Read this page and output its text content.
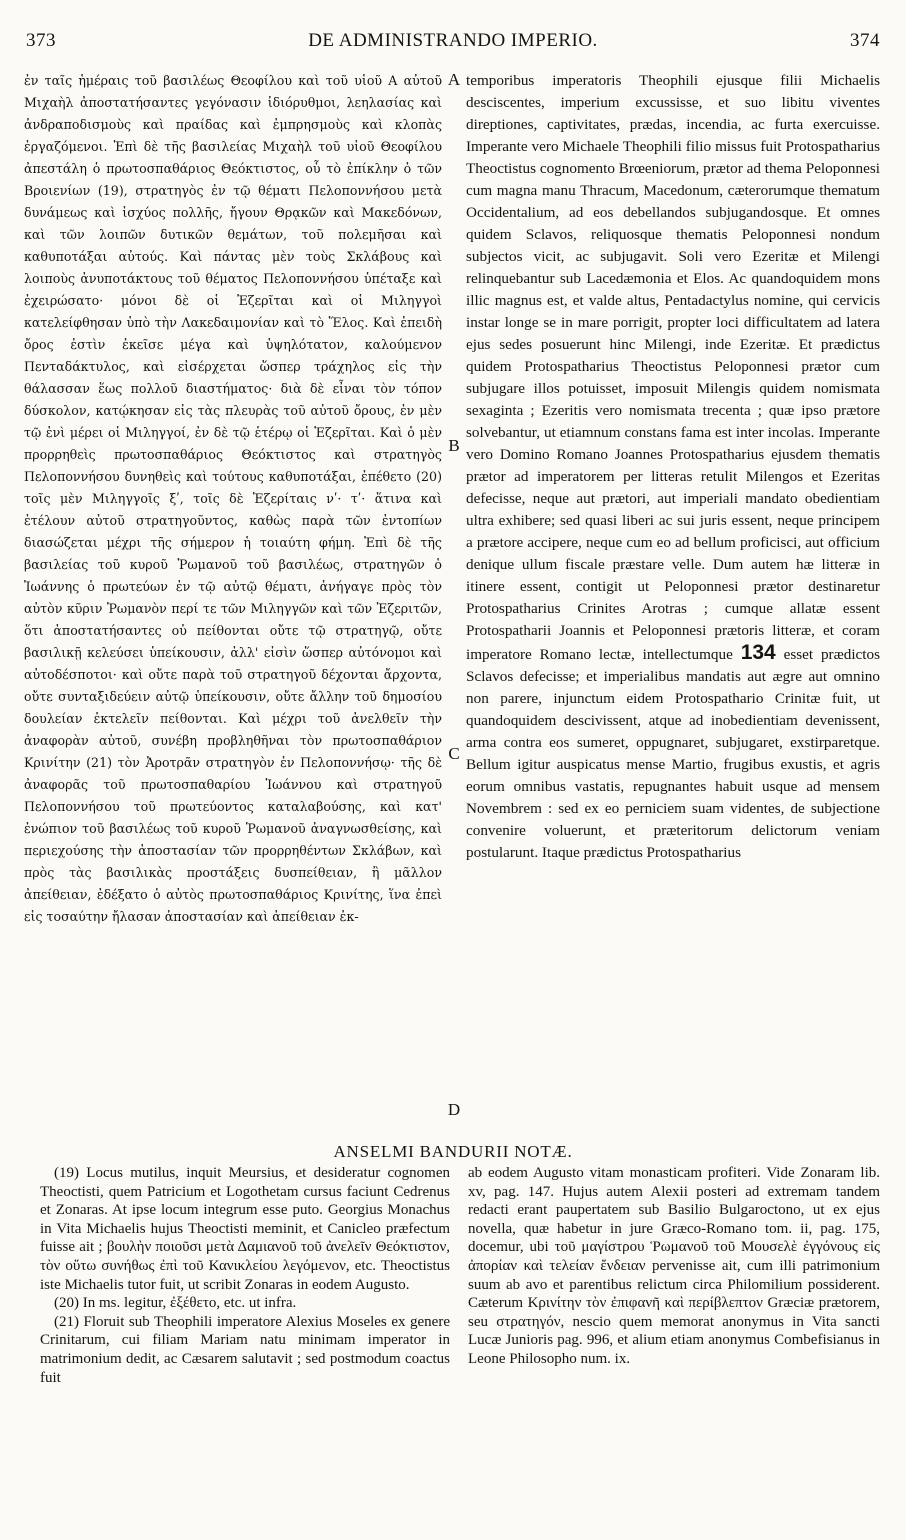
373	DE ADMINISTRANDO IMPERIO.	374

ἐν ταῖς ἡμέραις τοῦ βασιλέως Θεοφίλου καὶ τοῦ υἱοῦ Α αὐτοῦ Μιχαὴλ ἀποστατήσαντες γεγόνασιν ἰδιόρυθμοι, λεηλασίας καὶ ἀνδραποδισμοὺς καὶ πραίδας καὶ ἐμπρησμοὺς καὶ κλοπὰς ἐργαζόμενοι. Ἐπὶ δὲ τῆς βασιλείας Μιχαὴλ τοῦ υἱοῦ Θεοφίλου ἀπεστάλη ὁ πρωτοσπαθάριος Θεόκτιστος, οὗ τὸ ἐπίκλην ὁ τῶν Βροιενίων (19), στρατηγὸς ἐν τῷ θέματι Πελοποννήσου μετὰ δυνάμεως καὶ ἰσχύος πολλῆς, ἤγουν Θρᾳκῶν καὶ Μακεδόνων, καὶ τῶν λοιπῶν δυτικῶν θεμάτων, τοῦ πολεμῆσαι καὶ καθυποτάξαι αὐτούς. Καὶ πάντας μὲν τοὺς Σκλάβους καὶ λοιποὺς ἀνυποτάκτους τοῦ θέματος Πελοποννήσου ὑπέταξε καὶ ἐχειρώσατο· μόνοι δὲ οἱ Ἐζερῖται καὶ οἱ Μιληγγοὶ κατελείφθησαν ὑπὸ τὴν Λακεδαιμονίαν καὶ τὸ Ἕλος. Καὶ ἐπειδὴ ὄρος ἐστὶν ἐκεῖσε μέγα καὶ ὑψηλότατον, καλούμενον Πενταδάκτυλος, καὶ εἰσέρχεται ὥσπερ τράχηλος εἰς τὴν θάλασσαν ἕως πολλοῦ διαστήματος· διὰ δὲ εἶναι τὸν τόπον δύσκολον, κατῴκησαν εἰς τὰς πλευρὰς τοῦ αὐτοῦ ὄρους, ἐν μὲν τῷ ἑνὶ μέρει οἱ Μιληγγοί, ἐν δὲ τῷ ἑτέρῳ οἱ Ἐζερῖται. Καὶ ὁ μὲν προρρηθεὶς πρωτοσπαθάριος Θεόκτιστος καὶ στρατηγὸς Πελοποννήσου δυνηθεὶς καὶ τούτους καθυποτάξαι, ἐπέθετο (20) τοῖς μὲν Μιληγγοῖς ξʹ, τοῖς δὲ Ἐζερίταις νʹ· τʹ· ἅτινα καὶ ἐτέλουν αὐτοῦ στρατηγοῦντος, καθὼς παρὰ τῶν ἐντοπίων διασώζεται μέχρι τῆς σήμερον ἡ τοιαύτη φήμη. Ἐπὶ δὲ τῆς βασιλείας τοῦ κυροῦ Ῥωμανοῦ τοῦ βασιλέως, στρατηγῶν ὁ Ἰωάννης ὁ πρωτεύων ἐν τῷ αὐτῷ θέματι, ἀνήγαγε πρὸς τὸν αὐτὸν κῦριν Ῥωμανὸν περί τε τῶν Μιληγγῶν καὶ τῶν Ἐζεριτῶν, ὅτι ἀποστατήσαντες οὐ πείθονται οὔτε τῷ στρατηγῷ, οὔτε βασιλικῇ κελεύσει ὑπείκουσιν, ἀλλ' εἰσὶν ὥσπερ αὐτόνομοι καὶ αὐτοδέσποτοι· καὶ οὔτε παρὰ τοῦ στρατηγοῦ δέχονται ἄρχοντα, οὔτε συνταξιδεύειν αὐτῷ ὑπείκουσιν, οὔτε ἄλλην τοῦ δημοσίου δουλείαν ἐκτελεῖν πείθονται. Καὶ μέχρι τοῦ ἀνελθεῖν τὴν ἀναφορὰν αὐτοῦ, συνέβη προβληθῆναι τὸν πρωτοσπαθάριον Κρινίτην (21) τὸν Ἀροτρᾶν στρατηγὸν ἐν Πελοποννήσῳ· τῆς δὲ ἀναφορᾶς τοῦ πρωτοσπαθαρίου Ἰωάννου καὶ στρατηγοῦ Πελοποννήσου τοῦ πρωτεύοντος καταλαβούσης, καὶ κατ' ἐνώπιον τοῦ βασιλέως τοῦ κυροῦ Ῥωμανοῦ ἀναγνωσθείσης, καὶ περιεχούσης τὴν ἀποστασίαν τῶν προρρηθέντων Σκλάβων, καὶ πρὸς τὰς βασιλικὰς προστάξεις δυσπείθειαν, ἢ μᾶλλον ἀπείθειαν, ἐδέξατο ὁ αὐτὸς πρωτοσπαθάριος Κρινίτης, ἵνα ἐπεὶ εἰς τοσαύτην ἤλασαν ἀποστασίαν καὶ ἀπείθειαν ἐκ-

A
B
C
D

temporibus imperatoris Theophili ejusque filii Michaelis desciscentes, imperium excussisse, et suo libitu viventes direptiones, captivitates, prædas, incendia, ac furta exercuisse. Imperante vero Michaele Theophili filio missus fuit Protospatharius Theoctistus cognomento Brœeniorum, prætor ad thema Peloponnesi cum magna manu Thracum, Macedonum, cæterorumque thematum Occidentalium, ad eos debellandos subjugandosque. Et omnes quidem Sclavos, reliquosque thematis Peloponnesi nondum subjectos vicit, ac subjugavit. Soli vero Ezeritæ et Milengi relinquebantur sub Lacedæmonia et Elos. Ac quandoquidem mons illic magnus est, et valde altus, Pentadactylus nomine, qui cervicis instar longe se in mare porrigit, propter loci difficultatem ad latera ejus sedes posuerunt hinc Milengi, inde Ezeritæ. Et prædictus quidem Protospatharius Theoctistus Peloponnesi prætor cum subjugare illos potuisset, imposuit Milengis quidem nomismata sexaginta ; Ezeritis vero nomismata trecenta ; quæ ipso prætore solvebantur, ut etiamnum constans fama est inter incolas. Imperante vero Domino Romano Joannes Protospatharius ejusdem thematis prætor ad imperatorem per litteras retulit Milengos et Ezeritas defecisse, neque aut prætori, aut imperiali mandato obedientiam ultra exhibere; sed quasi liberi ac sui juris essent, neque principem a prætore accipere, neque cum eo ad bellum proficisci, aut officium denique ullum fiscale præstare velle. Dum autem hæ litteræ in itinere essent, contigit ut Peloponnesi prætor destinaretur Protospatharius Crinites Arotras ; cumque allatæ essent Protospatharii Joannis et Peloponnesi prætoris litteræ, et coram imperatore Romano lectæ, intellectumque 134 esset prædictos Sclavos defecisse; et imperialibus mandatis aut ægre aut omnino non parere, injunctum eidem Protospathario Crinitæ fuit, ut quandoquidem descivissent, atque ad inobedientiam devenissent, arma contra eos sumeret, oppugnaret, subjugaret, exstirparetque. Bellum igitur auspicatus mense Martio, frugibus exustis, et agris eorum omnibus vastatis, repugnantes habuit usque ad mensem Novembrem : sed ex eo perniciem suam videntes, de subjectione convenire voluerunt, et præteritorum delictorum veniam postularunt. Itaque prædictus Protospatharius

ANSELMI BANDURII NOTÆ.

(19) Locus mutilus, inquit Meursius, et desideratur cognomen Theoctisti, quem Patricium et Logothetam cursus faciunt Cedrenus et Zonaras. At ipse locum integrum esse puto. Georgius Monachus in Vita Michaelis hujus Theoctisti meminit, et Canicleo præfectum fuisse ait ; βουλὴν ποιοῦσι μετὰ Δαμιανοῦ τοῦ ἀνελεῖν Θεόκτιστον, τὸν οὕτω συνήθως ἐπὶ τοῦ Κανικλείου λεγόμενον, etc. Theoctistus iste Michaelis tutor fuit, ut scribit Zonaras in eodem Augusto.

(20) In ms. legitur, ἐξέθετο, etc. ut infra.

(21) Floruit sub Theophili imperatore Alexius Moseles ex genere Crinitarum, cui filiam Mariam natu minimam imperator in matrimonium dedit, ac Cæsarem salutavit ; sed postmodum coactus fuit

ab eodem Augusto vitam monasticam profiteri. Vide Zonaram lib. xv, pag. 147. Hujus autem Alexii posteri ad extremam tandem redacti erant paupertatem sub Basilio Bulgaroctono, ut ex ejus novella, quæ habetur in jure Græco-Romano tom. ii, pag. 175, docemur, ubi τοῦ μαγίστρου Ῥωμανοῦ τοῦ Μουσελὲ ἐγγόνους εἰς ἀπορίαν καὶ τελείαν ἔνδειαν pervenisse ait, cum illi patrimonium suum ab avo et parentibus relictum circa Philomilium possiderent. Cæterum Κρινίτην τὸν ἐπιφανῆ καὶ περίβλεπτον Græciæ prætorem, seu στρατηγόν, nescio quem memorat anonymus in Vita sancti Lucæ Junioris pag. 996, et alium etiam anonymus Combefisianus in Leone Philosopho num. ix.
